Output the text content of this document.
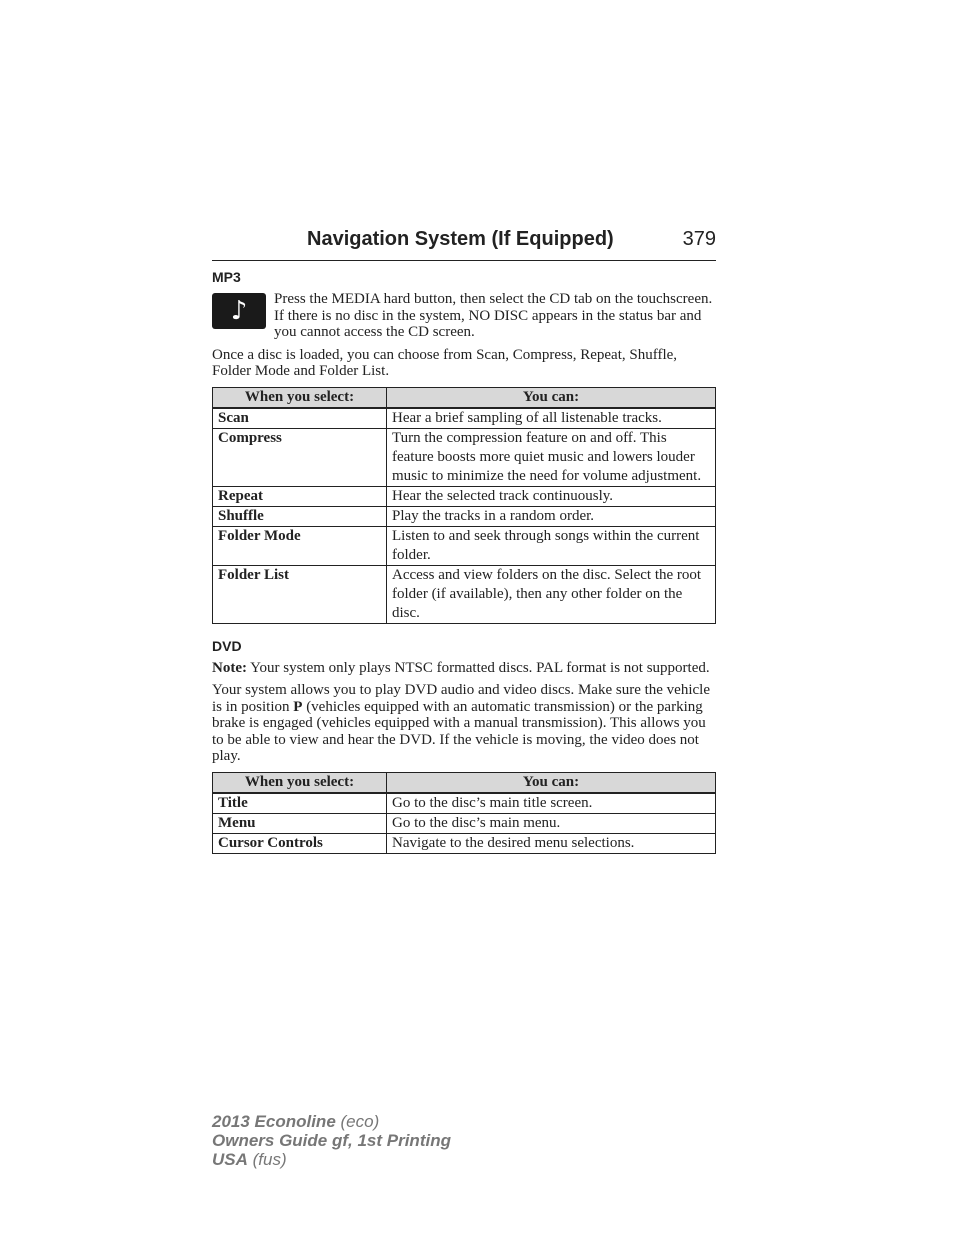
Navigation System (If Equipped)	379
MP3
♪	Press the MEDIA hard button, then select the CD tab on the touchscreen. If there is no disc in the system, NO DISC appears in the status bar and you cannot access the CD screen.

Once a disc is loaded, you can choose from Scan, Compress, Repeat, Shuffle, Folder Mode and Folder List.

When you select:	You can:
Scan	Hear a brief sampling of all listenable tracks.
Compress	Turn the compression feature on and off. This feature boosts more quiet music and lowers louder music to minimize the need for volume adjustment.
Repeat	Hear the selected track continuously.
Shuffle	Play the tracks in a random order.
Folder Mode	Listen to and seek through songs within the current folder.
Folder List	Access and view folders on the disc. Select the root folder (if available), then any other folder on the disc.
DVD

Note: Your system only plays NTSC formatted discs. PAL format is not supported.

Your system allows you to play DVD audio and video discs. Make sure the vehicle is in position P (vehicles equipped with an automatic transmission) or the parking brake is engaged (vehicles equipped with a manual transmission). This allows you to be able to view and hear the DVD. If the vehicle is moving, the video does not play.

When you select:	You can:
Title	Go to the disc’s main title screen.
Menu	Go to the disc’s main menu.
Cursor Controls	Navigate to the desired menu selections.
2013 Econoline (eco)
Owners Guide gf, 1st Printing
USA (fus)
